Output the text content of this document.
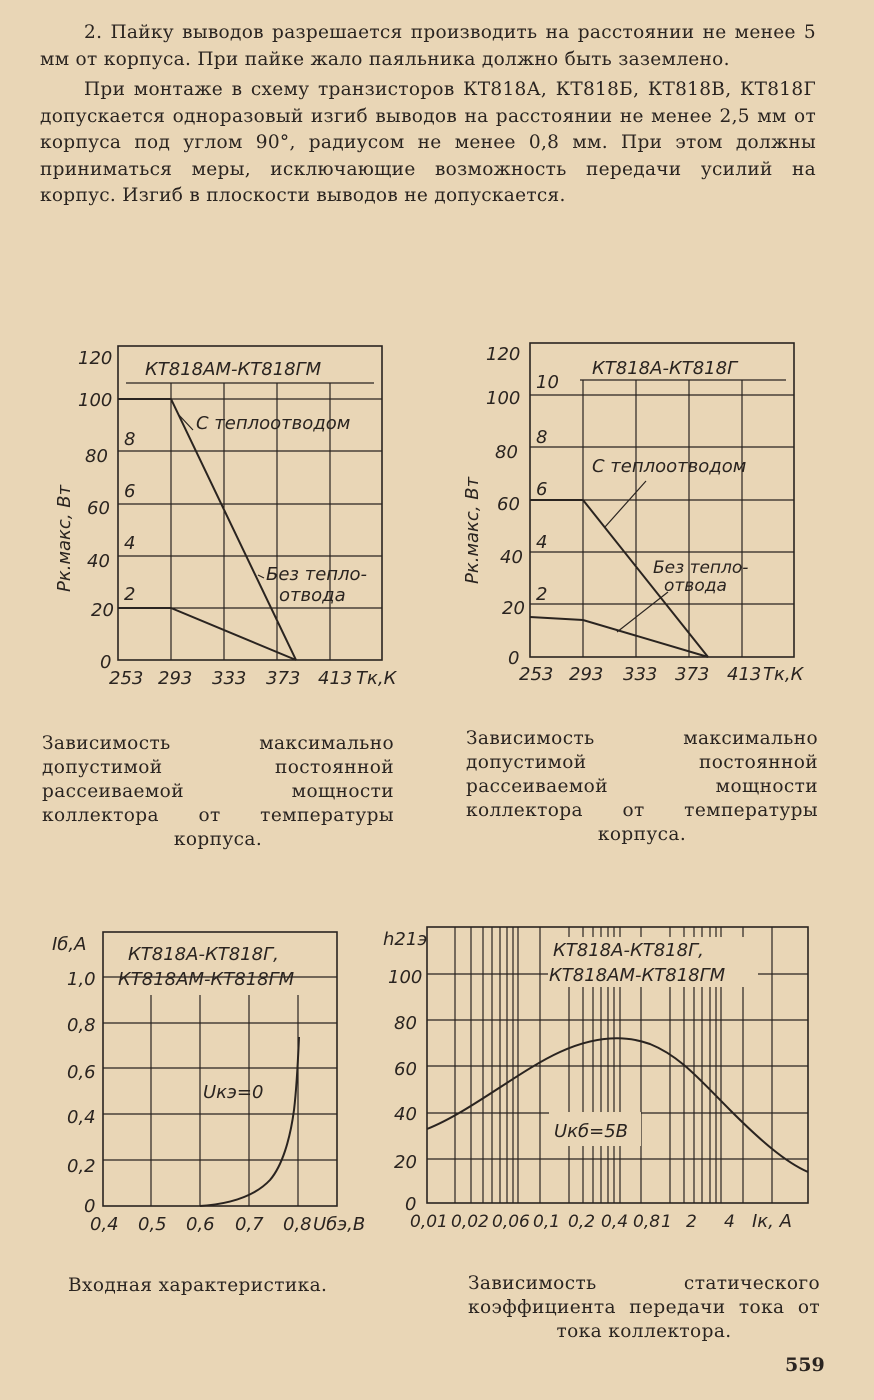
2. Пайку выводов разрешается производить на расстоянии не менее 5 мм от корпуса. При пайке жало паяльника должно быть заземлено.

При монтаже в схему транзисторов КТ818А, КТ818Б, КТ818В, КТ818Г допускается одноразовый изгиб выводов на расстоянии не менее 2,5 мм от корпуса под углом 90°, радиусом не менее 0,8 мм. При этом должны приниматься меры, исключающие возможность передачи усилий на корпус. Изгиб в плоскости выводов не допускается.

КТ818АМ-КТ818ГМ
120
100
80
60
40
20
0
2
4
6
8
253 293 333 373 413 Tк,К
Pк.макс, Вт
С теплоотводом
Без тепло-
отвода
КТ818А-КТ818Г
120
100
80
60
40
20
0
2
4
6
8
10
253 293 333 373 413 Tк,К
Pк.макс, Вт
С теплоотводом
Без тепло-
отвода
КТ818А-КТ818Г,
КТ818АМ-КТ818ГМ
Iб,А
1,0
0,8
0,6
0,4
0,2
0
0,4 0,5 0,6 0,7 0,8 Uбэ,В
Uкэ=0
КТ818А-КТ818Г,
КТ818АМ-КТ818ГМ
h21э
100
80
60
40
20
0
0,01 0,02 0,06 0,1 0,2 0,4 0,8 1 2 4 Iк, А
Uкб=5В
Зависимость максимально допустимой постоянной рассеиваемой мощности коллектора от температуры корпуса.
Зависимость максимально допустимой постоянной рассеиваемой мощности коллектора от температуры корпуса.
Входная характеристика.	Зависимость статического коэффициента передачи тока от тока коллектора.
559
